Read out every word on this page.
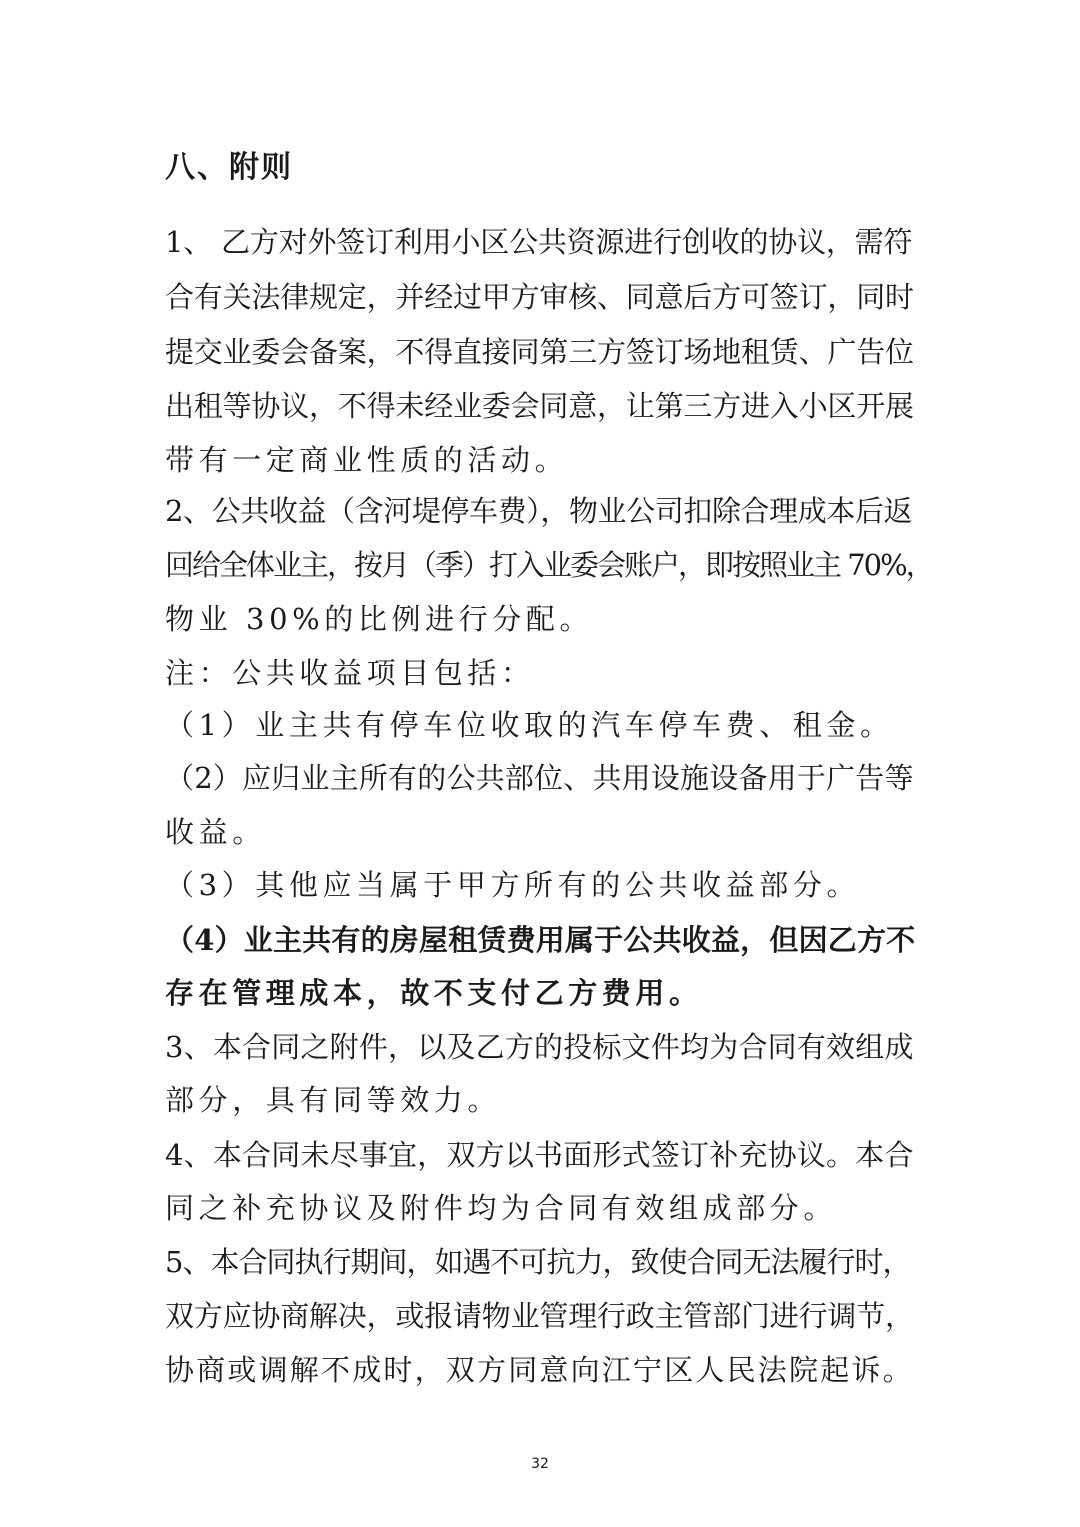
八、附则
1、 乙方对外签订利用小区公共资源进行创收的协议，需符
合有关法律规定，并经过甲方审核、同意后方可签订，同时
提交业委会备案，不得直接同第三方签订场地租赁、广告位
出租等协议，不得未经业委会同意，让第三方进入小区开展
带有一定商业性质的活动。
2、公共收益（含河堤停车费），物业公司扣除合理成本后返
回给全体业主，按月（季）打入业委会账户，即按照业主 70%，
物业 30%的比例进行分配。
注：公共收益项目包括：
（1）业主共有停车位收取的汽车停车费、租金。
（2）应归业主所有的公共部位、共用设施设备用于广告等
收益。
（3）其他应当属于甲方所有的公共收益部分。
（4）业主共有的房屋租赁费用属于公共收益，但因乙方不
存在管理成本，故不支付乙方费用。
3、本合同之附件，以及乙方的投标文件均为合同有效组成
部分，具有同等效力。
4、本合同未尽事宜，双方以书面形式签订补充协议。本合
同之补充协议及附件均为合同有效组成部分。
5、本合同执行期间，如遇不可抗力，致使合同无法履行时，
双方应协商解决，或报请物业管理行政主管部门进行调节，
协商或调解不成时，双方同意向江宁区人民法院起诉。
32
